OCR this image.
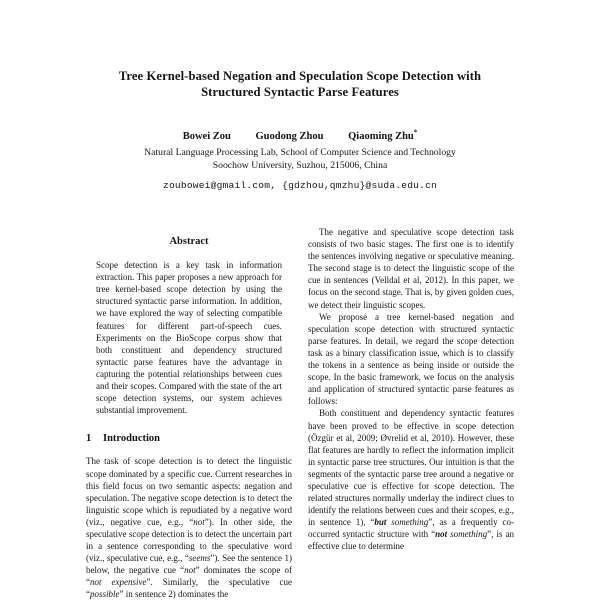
Tree Kernel-based Negation and Speculation Scope Detection with
Structured Syntactic Parse Features
Bowei Zou Guodong Zhou Qiaoming Zhu*
Natural Language Processing Lab, School of Computer Science and Technology
Soochow University, Suzhou, 215006, China
zoubowei@gmail.com, {gdzhou,qmzhu}@suda.edu.cn
Abstract

Scope detection is a key task in information extraction. This paper proposes a new approach for tree kernel-based scope detection by using the structured syntactic parse information. In addition, we have explored the way of selecting compatible features for different part-of-speech cues. Experiments on the BioScope corpus show that both constituent and dependency structured syntactic parse features have the advantage in capturing the potential relationships between cues and their scopes. Compared with the state of the art scope detection systems, our system achieves substantial improvement.

1 Introduction

The task of scope detection is to detect the linguistic scope dominated by a specific cue. Current researches in this field focus on two semantic aspects: negation and speculation. The negative scope detection is to detect the linguistic scope which is repudiated by a negative word (viz., negative cue, e.g., “not”). In other side, the speculative scope detection is to detect the uncertain part in a sentence corresponding to the speculative word (viz., speculative cue, e.g., “seems”). See the sentence 1) below, the negative cue “not” dominates the scope of “not expensive”. Similarly, the speculative cue “possible” in sentence 2) dominates the

The negative and speculative scope detection task consists of two basic stages. The first one is to identify the sentences involving negative or speculative meaning. The second stage is to detect the linguistic scope of the cue in sentences (Velldal et al, 2012). In this paper, we focus on the second stage. That is, by given golden cues, we detect their linguistic scopes.

We propose a tree kernel-based negation and speculation scope detection with structured syntactic parse features. In detail, we regard the scope detection task as a binary classification issue, which is to classify the tokens in a sentence as being inside or outside the scope. In the basic framework, we focus on the analysis and application of structured syntactic parse features as follows:

Both constituent and dependency syntactic features have been proved to be effective in scope detection (Özgür et al, 2009; Øvrelid et al, 2010). However, these flat features are hardly to reflect the information implicit in syntactic parse tree structures. Our intuition is that the segments of the syntactic parse tree around a negative or speculative cue is effective for scope detection. The related structures normally underlay the indirect clues to identify the relations between cues and their scopes, e.g., in sentence 1), “but something”, as a frequently co-occurred syntactic structure with “not something”, is an effective clue to determine
